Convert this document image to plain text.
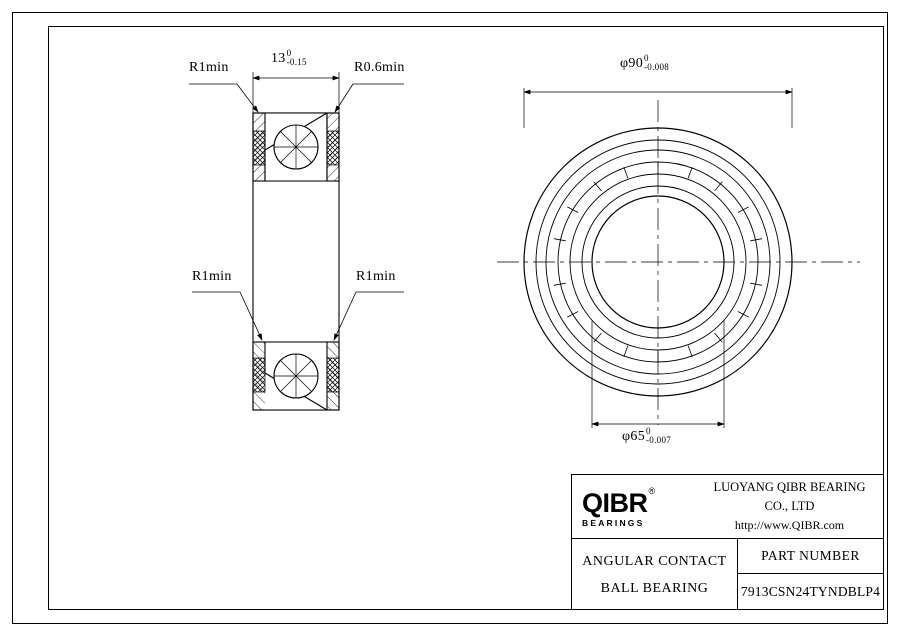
R1min
13 0
-0.15	R0.6min
R1min	R1min
φ90 0
-0.008
φ65 0
-0.007
QIBR®
BEARINGS
LUOYANG QIBR BEARING CO., LTD
http://www.QIBR.com
ANGULAR CONTACT
BALL BEARING
PART NUMBER
7913CSN24TYNDBLP4
